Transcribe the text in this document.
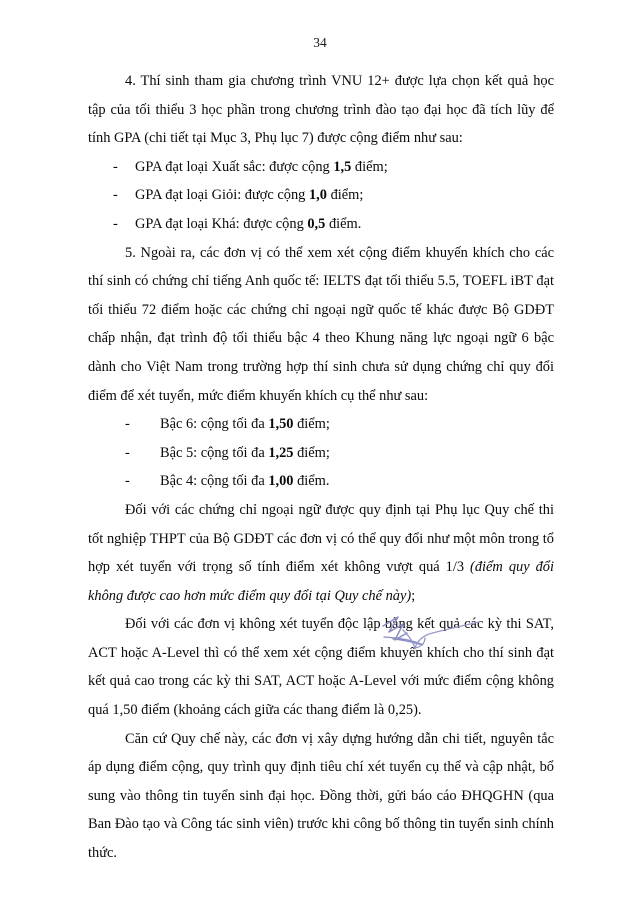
34

4. Thí sinh tham gia chương trình VNU 12+ được lựa chọn kết quả học tập của tối thiểu 3 học phần trong chương trình đào tạo đại học đã tích lũy để tính GPA (chi tiết tại Mục 3, Phụ lục 7) được cộng điểm như sau:

- GPA đạt loại Xuất sắc: được cộng 1,5 điểm;
- GPA đạt loại Giỏi: được cộng 1,0 điểm;
- GPA đạt loại Khá: được cộng 0,5 điểm.

5. Ngoài ra, các đơn vị có thể xem xét cộng điểm khuyến khích cho các thí sinh có chứng chỉ tiếng Anh quốc tế: IELTS đạt tối thiểu 5.5, TOEFL iBT đạt tối thiểu 72 điểm hoặc các chứng chỉ ngoại ngữ quốc tế khác được Bộ GDĐT chấp nhận, đạt trình độ tối thiểu bậc 4 theo Khung năng lực ngoại ngữ 6 bậc dành cho Việt Nam trong trường hợp thí sinh chưa sử dụng chứng chỉ quy đổi điểm để xét tuyển, mức điểm khuyến khích cụ thể như sau:

- Bậc 6: cộng tối đa 1,50 điểm;
- Bậc 5: cộng tối đa 1,25 điểm;
- Bậc 4: cộng tối đa 1,00 điểm.

Đối với các chứng chỉ ngoại ngữ được quy định tại Phụ lục Quy chế thi tốt nghiệp THPT của Bộ GDĐT các đơn vị có thể quy đổi như một môn trong tổ hợp xét tuyển với trọng số tính điểm xét không vượt quá 1/3 (điểm quy đổi không được cao hơn mức điểm quy đổi tại Quy chế này);

Đối với các đơn vị không xét tuyển độc lập bằng kết quả các kỳ thi SAT, ACT hoặc A-Level thì có thể xem xét cộng điểm khuyến khích cho thí sinh đạt kết quả cao trong các kỳ thi SAT, ACT hoặc A-Level với mức điểm cộng không quá 1,50 điểm (khoảng cách giữa các thang điểm là 0,25).

Căn cứ Quy chế này, các đơn vị xây dựng hướng dẫn chi tiết, nguyên tắc áp dụng điểm cộng, quy trình quy định tiêu chí xét tuyển cụ thể và cập nhật, bổ sung vào thông tin tuyển sinh đại học. Đồng thời, gửi báo cáo ĐHQGHN (qua Ban Đào tạo và Công tác sinh viên) trước khi công bố thông tin tuyển sinh chính thức.
